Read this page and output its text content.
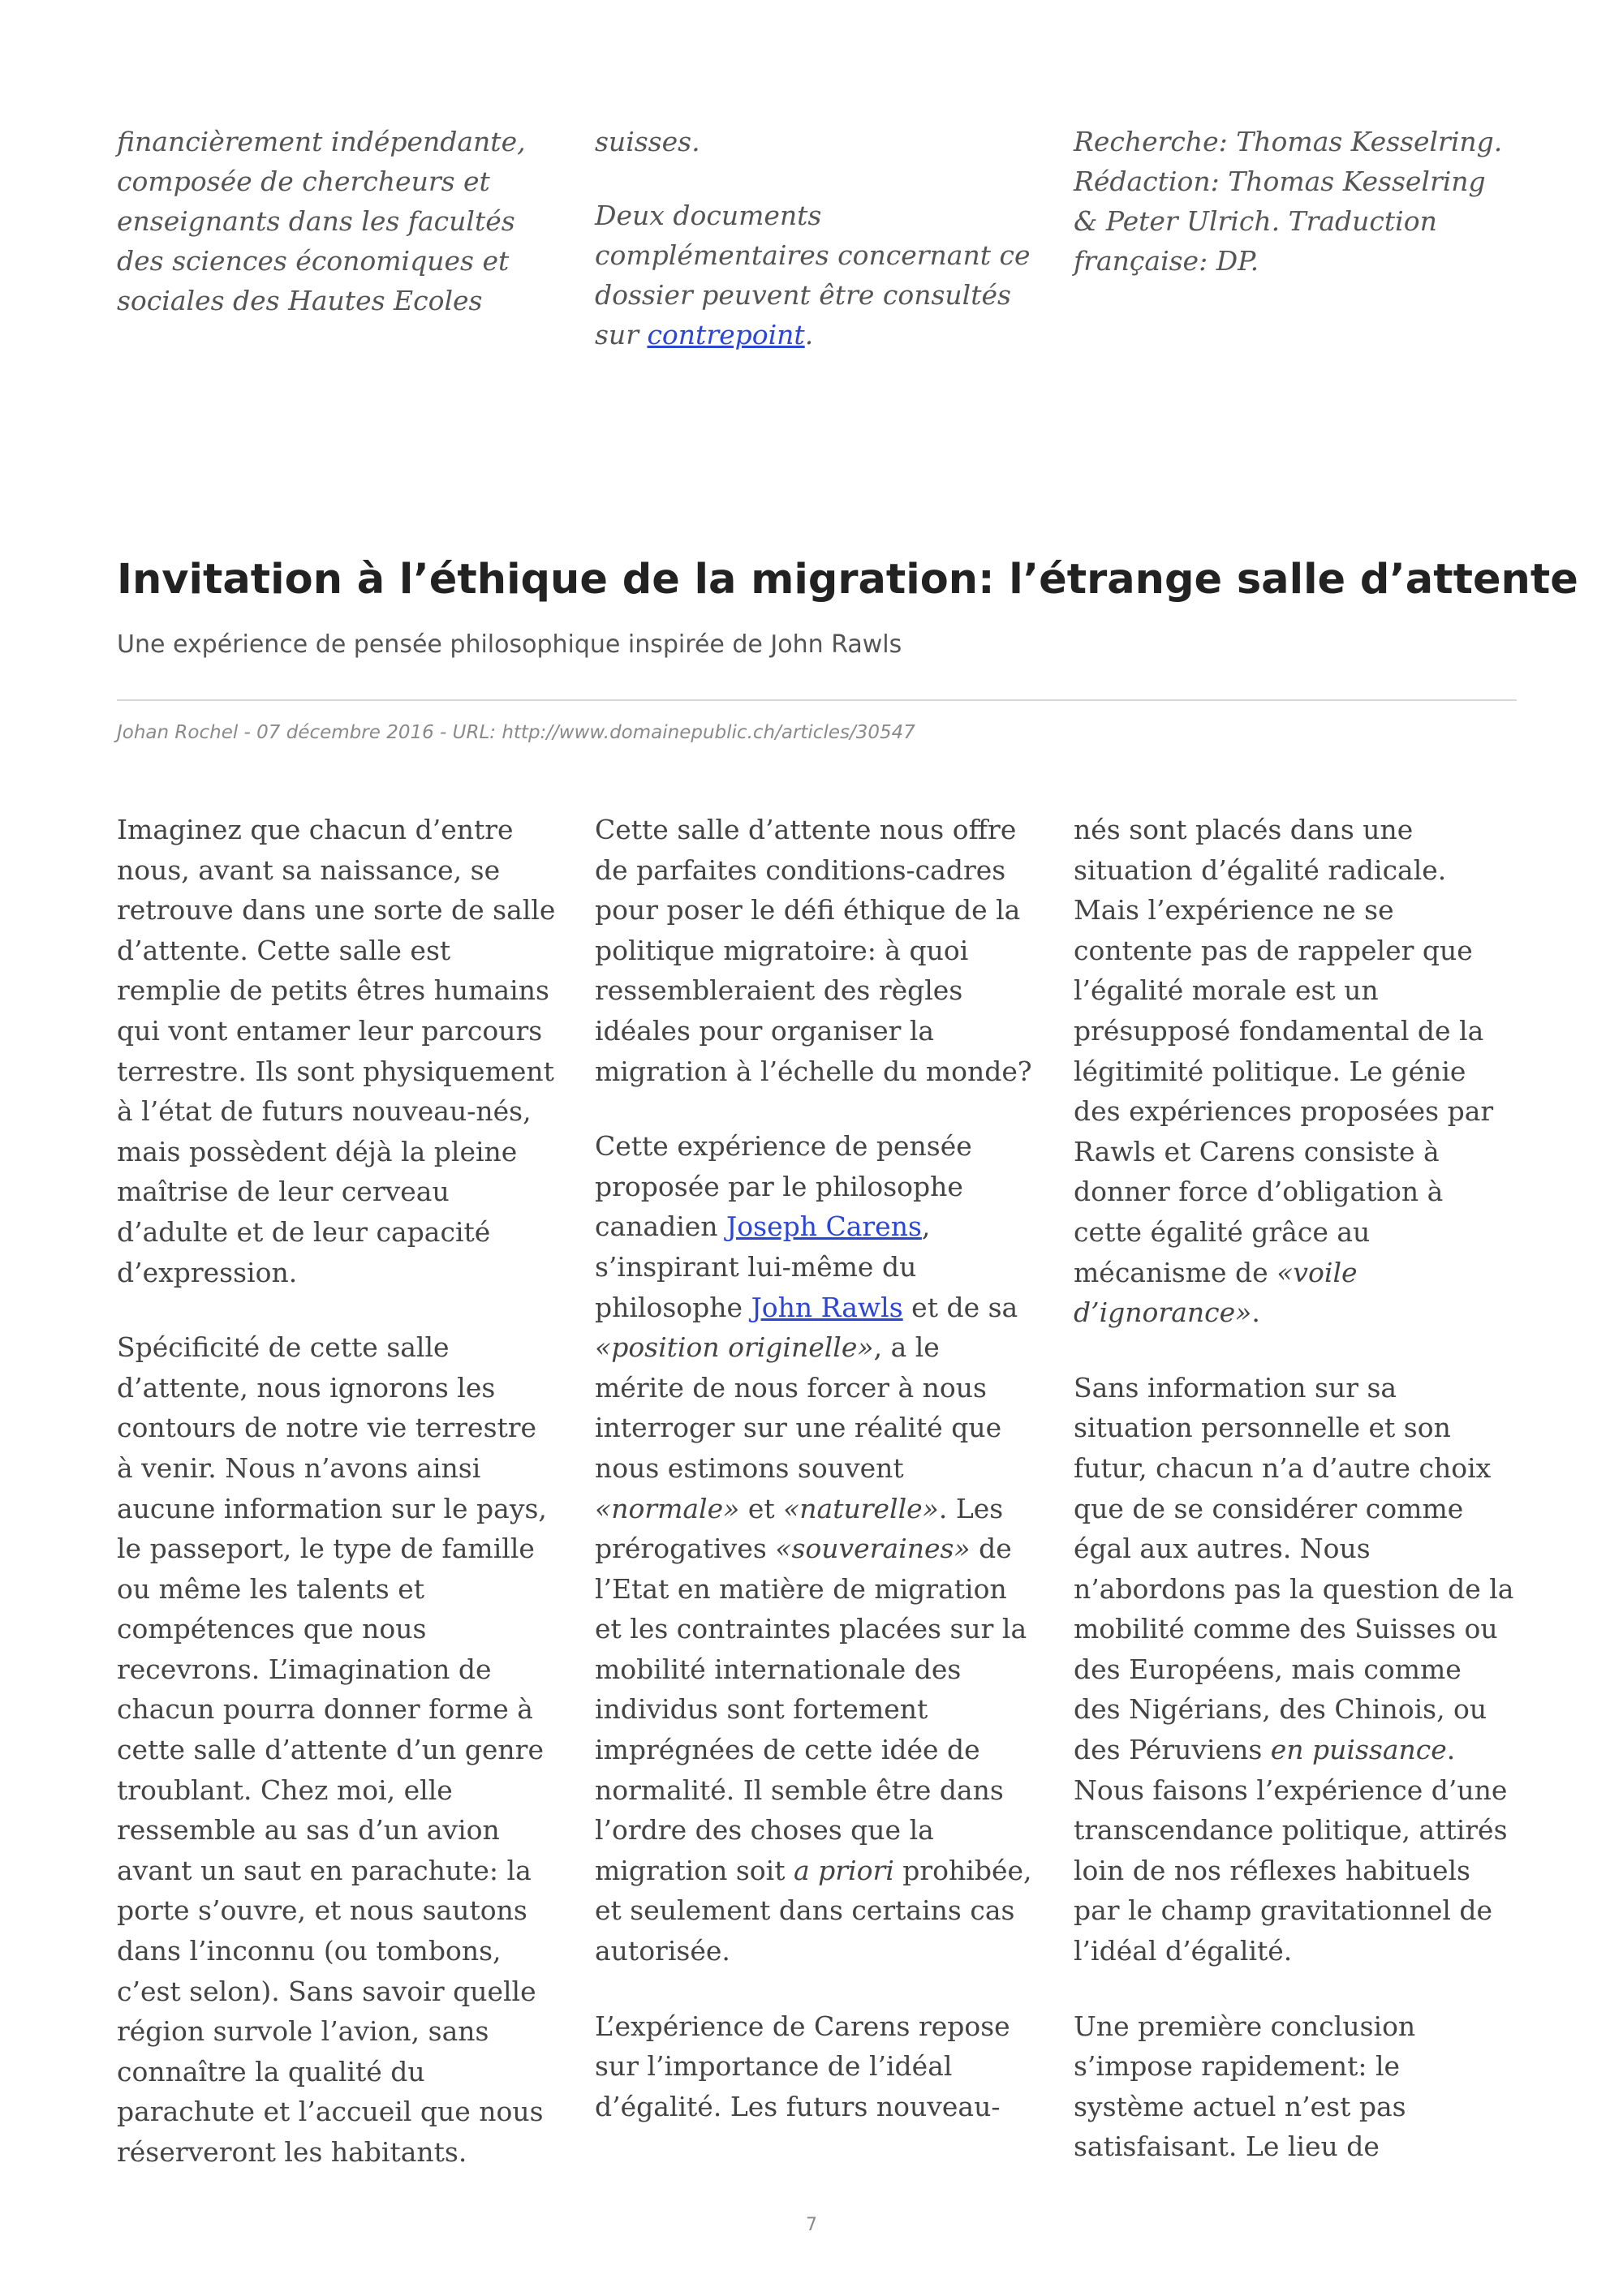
financièrement indépendante, composée de chercheurs et enseignants dans les facultés des sciences économiques et sociales des Hautes Ecoles

suisses.

Deux documents complémentaires concernant ce dossier peuvent être consultés sur contrepoint.

Recherche: Thomas Kesselring. Rédaction: Thomas Kesselring & Peter Ulrich. Traduction française: DP.

Invitation à l’éthique de la migration: l’étrange salle d’attente

Une expérience de pensée philosophique inspirée de John Rawls

Johan Rochel - 07 décembre 2016 - URL: http://www.domainepublic.ch/articles/30547

Imaginez que chacun d’entre nous, avant sa naissance, se retrouve dans une sorte de salle d’attente. Cette salle est remplie de petits êtres humains qui vont entamer leur parcours terrestre. Ils sont physiquement à l’état de futurs nouveau-nés, mais possèdent déjà la pleine maîtrise de leur cerveau d’adulte et de leur capacité d’expression.

Spécificité de cette salle d’attente, nous ignorons les contours de notre vie terrestre à venir. Nous n’avons ainsi aucune information sur le pays, le passeport, le type de famille ou même les talents et compétences que nous recevrons. L’imagination de chacun pourra donner forme à cette salle d’attente d’un genre troublant. Chez moi, elle ressemble au sas d’un avion avant un saut en parachute: la porte s’ouvre, et nous sautons dans l’inconnu (ou tombons, c’est selon). Sans savoir quelle région survole l’avion, sans connaître la qualité du parachute et l’accueil que nous réserveront les habitants.

Cette salle d’attente nous offre de parfaites conditions-cadres pour poser le défi éthique de la politique migratoire: à quoi ressembleraient des règles idéales pour organiser la migration à l’échelle du monde?

Cette expérience de pensée proposée par le philosophe canadien Joseph Carens, s’inspirant lui-même du philosophe John Rawls et de sa «position originelle», a le mérite de nous forcer à nous interroger sur une réalité que nous estimons souvent «normale» et «naturelle». Les prérogatives «souveraines» de l’Etat en matière de migration et les contraintes placées sur la mobilité internationale des individus sont fortement imprégnées de cette idée de normalité. Il semble être dans l’ordre des choses que la migration soit a priori prohibée, et seulement dans certains cas autorisée.

L’expérience de Carens repose sur l’importance de l’idéal d’égalité. Les futurs nouveau-

nés sont placés dans une situation d’égalité radicale. Mais l’expérience ne se contente pas de rappeler que l’égalité morale est un présupposé fondamental de la légitimité politique. Le génie des expériences proposées par Rawls et Carens consiste à donner force d’obligation à cette égalité grâce au mécanisme de «voile d’ignorance».

Sans information sur sa situation personnelle et son futur, chacun n’a d’autre choix que de se considérer comme égal aux autres. Nous n’abordons pas la question de la mobilité comme des Suisses ou des Européens, mais comme des Nigérians, des Chinois, ou des Péruviens en puissance. Nous faisons l’expérience d’une transcendance politique, attirés loin de nos réflexes habituels par le champ gravitationnel de l’idéal d’égalité.

Une première conclusion s’impose rapidement: le système actuel n’est pas satisfaisant. Le lieu de

7
